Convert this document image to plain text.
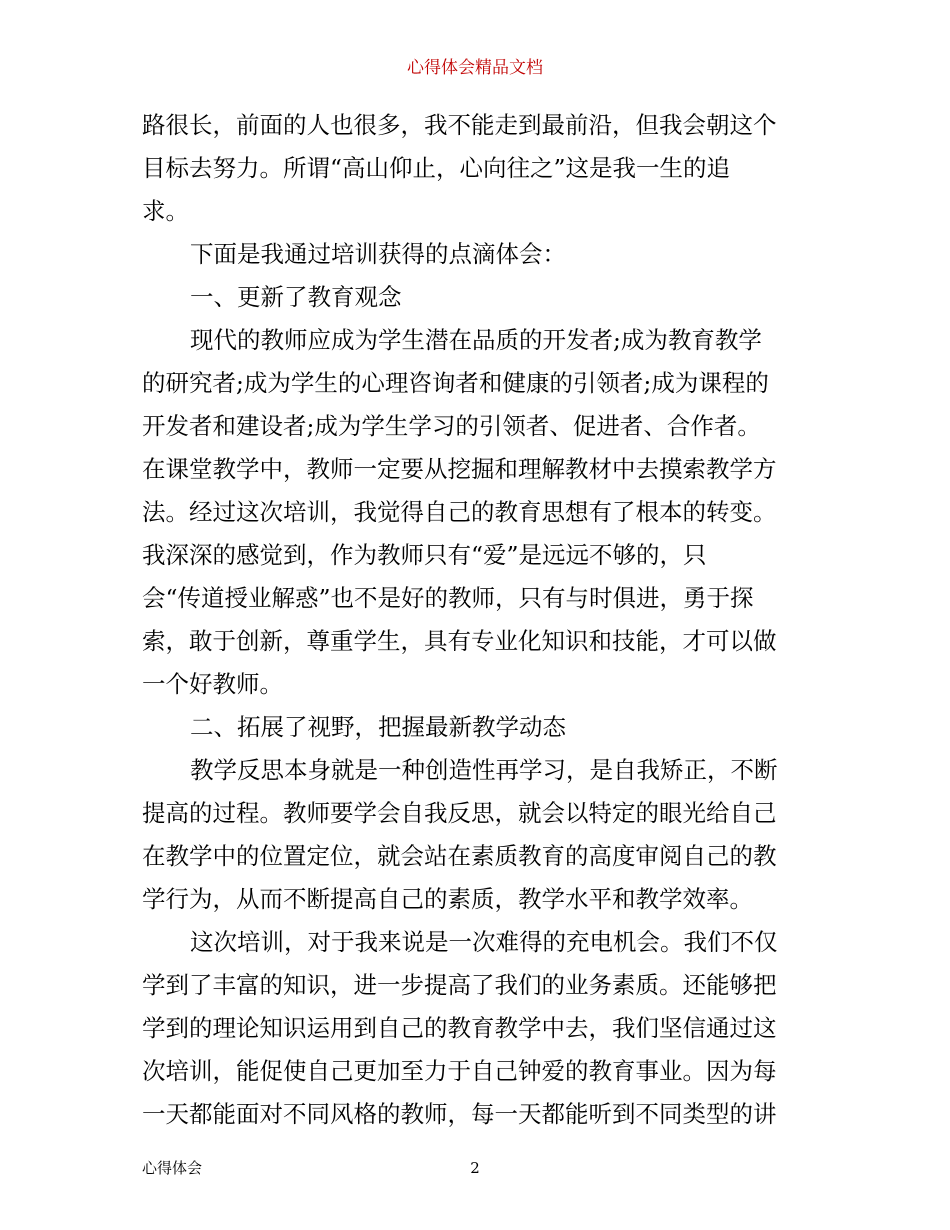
心得体会精品文档
路很长，前面的人也很多，我不能走到最前沿，但我会朝这个
目标去努力。所谓“高山仰止，心向往之”这是我一生的追
求。
下面是我通过培训获得的点滴体会：
一、更新了教育观念
现代的教师应成为学生潜在品质的开发者;成为教育教学
的研究者;成为学生的心理咨询者和健康的引领者;成为课程的
开发者和建设者;成为学生学习的引领者、促进者、合作者。
在课堂教学中，教师一定要从挖掘和理解教材中去摸索教学方
法。经过这次培训，我觉得自己的教育思想有了根本的转变。
我深深的感觉到，作为教师只有“爱”是远远不够的，只
会“传道授业解惑”也不是好的教师，只有与时俱进，勇于探
索，敢于创新，尊重学生，具有专业化知识和技能，才可以做
一个好教师。
二、拓展了视野，把握最新教学动态
教学反思本身就是一种创造性再学习，是自我矫正，不断
提高的过程。教师要学会自我反思，就会以特定的眼光给自己
在教学中的位置定位，就会站在素质教育的高度审阅自己的教
学行为，从而不断提高自己的素质，教学水平和教学效率。
这次培训，对于我来说是一次难得的充电机会。我们不仅
学到了丰富的知识，进一步提高了我们的业务素质。还能够把
学到的理论知识运用到自己的教育教学中去，我们坚信通过这
次培训，能促使自己更加至力于自己钟爱的教育事业。因为每
一天都能面对不同风格的教师，每一天都能听到不同类型的讲
心得体会	2
